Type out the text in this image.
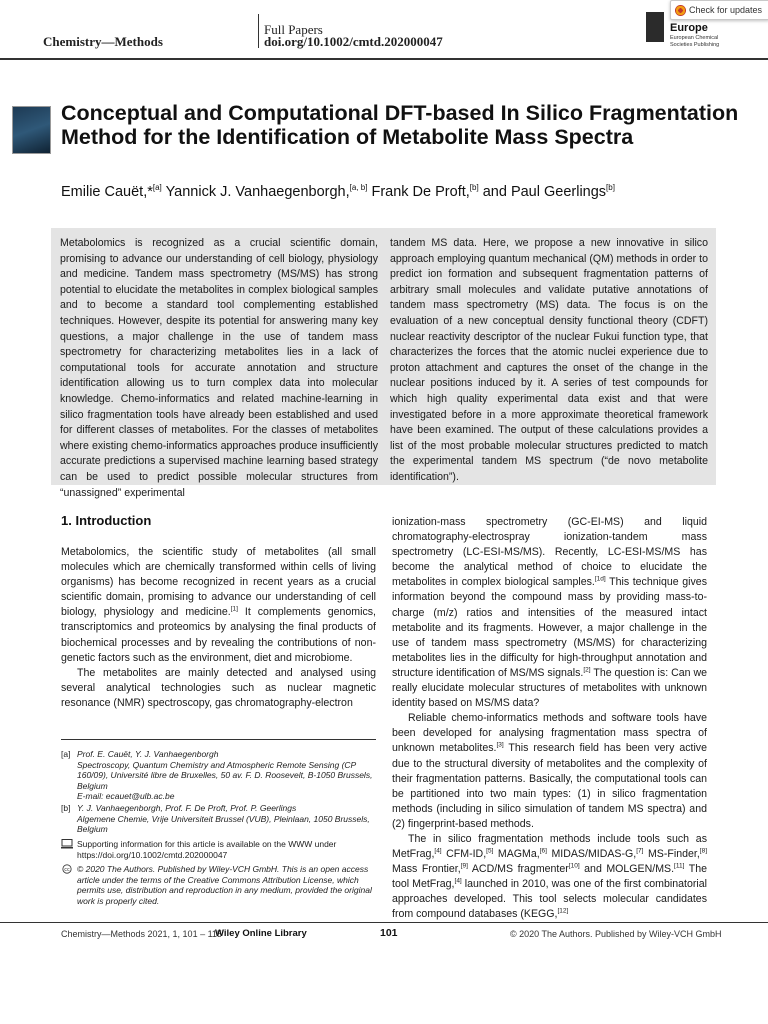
Chemistry—Methods
Full Papers
doi.org/10.1002/cmtd.202000047
Europe
European Chemical Societies Publishing
Check for updates
Conceptual and Computational DFT-based In Silico Fragmentation Method for the Identification of Metabolite Mass Spectra
Emilie Cauët,*[a] Yannick J. Vanhaegenborgh,[a, b] Frank De Proft,[b] and Paul Geerlings[b]
Metabolomics is recognized as a crucial scientific domain, promising to advance our understanding of cell biology, physiology and medicine. Tandem mass spectrometry (MS/MS) has strong potential to elucidate the metabolites in complex biological samples and to become a standard tool complementing established techniques. However, despite its potential for answering many key questions, a major challenge in the use of tandem mass spectrometry for characterizing metabolites lies in a lack of computational tools for accurate annotation and structure identification allowing us to turn complex data into molecular knowledge. Chemo-informatics and related machine-learning in silico fragmentation tools have already been established and used for different classes of metabolites. For the classes of metabolites where existing chemo-informatics approaches produce insufficiently accurate predictions a supervised machine learning based strategy can be used to predict possible molecular structures from “unassigned” experimental
tandem MS data. Here, we propose a new innovative in silico approach employing quantum mechanical (QM) methods in order to predict ion formation and subsequent fragmentation patterns of arbitrary small molecules and validate putative annotations of tandem mass spectrometry (MS) data. The focus is on the evaluation of a new conceptual density functional theory (CDFT) nuclear reactivity descriptor of the nuclear Fukui function type, that characterizes the forces that the atomic nuclei experience due to proton attachment and captures the onset of the change in the nuclear positions induced by it. A series of test compounds for which high quality experimental data exist and that were investigated before in a more approximate theoretical framework have been examined. The output of these calculations provides a list of the most probable molecular structures predicted to match the experimental tandem MS spectrum (“de novo metabolite identification”).
1. Introduction

Metabolomics, the scientific study of metabolites (all small molecules which are chemically transformed within cells of living organisms) has become recognized in recent years as a crucial scientific domain, promising to advance our understanding of cell biology, physiology and medicine.[1] It complements genomics, transcriptomics and proteomics by analysing the final products of biochemical processes and by revealing the contributions of non-genetic factors such as the environment, diet and microbiome.

The metabolites are mainly detected and analysed using several analytical technologies such as nuclear magnetic resonance (NMR) spectroscopy, gas chromatography-electron

ionization-mass spectrometry (GC-EI-MS) and liquid chromatography-electrospray ionization-tandem mass spectrometry (LC-ESI-MS/MS). Recently, LC-ESI-MS/MS has become the analytical method of choice to elucidate the metabolites in complex biological samples.[1d] This technique gives information beyond the compound mass by providing mass-to-charge (m/z) ratios and intensities of the measured intact metabolite and its fragments. However, a major challenge in the use of tandem mass spectrometry (MS/MS) for characterizing metabolites lies in the difficulty for high-throughput annotation and structure identification of MS/MS signals.[2] The question is: Can we really elucidate molecular structures of metabolites with unknown identity based on MS/MS data?

Reliable chemo-informatics methods and software tools have been developed for analysing fragmentation mass spectra of unknown metabolites.[3] This research field has been very active due to the structural diversity of metabolites and the complexity of their fragmentation patterns. Basically, the computational tools can be partitioned into two main types: (1) in silico fragmentation methods (including in silico simulation of tandem MS spectra) and (2) fingerprint-based methods.

The in silico fragmentation methods include tools such as MetFrag,[4] CFM-ID,[5] MAGMa,[6] MIDAS/MIDAS-G,[7] MS-Finder,[8] Mass Frontier,[9] ACD/MS fragmenter[10] and MOLGEN/MS.[11] The tool MetFrag,[4] launched in 2010, was one of the first combinatorial approaches developed. This tool selects molecular candidates from compound databases (KEGG,[12]

[a] Prof. E. Cauët, Y. J. Vanhaegenborgh
Spectroscopy, Quantum Chemistry and Atmospheric Remote Sensing (CP 160/09), Université libre de Bruxelles, 50 av. F. D. Roosevelt, B-1050 Brussels, Belgium
E-mail: ecauet@ulb.ac.be
[b] Y. J. Vanhaegenborgh, Prof. F. De Proft, Prof. P. Geerlings
Algemene Chemie, Vrije Universiteit Brussel (VUB), Pleinlaan, 1050 Brussels, Belgium
Supporting information for this article is available on the WWW under https://doi.org/10.1002/cmtd.202000047
cc © 2020 The Authors. Published by Wiley-VCH GmbH. This is an open access article under the terms of the Creative Commons Attribution License, which permits use, distribution and reproduction in any medium, provided the original work is properly cited.
Chemistry—Methods 2021, 1, 101 – 115
Wiley Online Library	101	© 2020 The Authors. Published by Wiley-VCH GmbH
